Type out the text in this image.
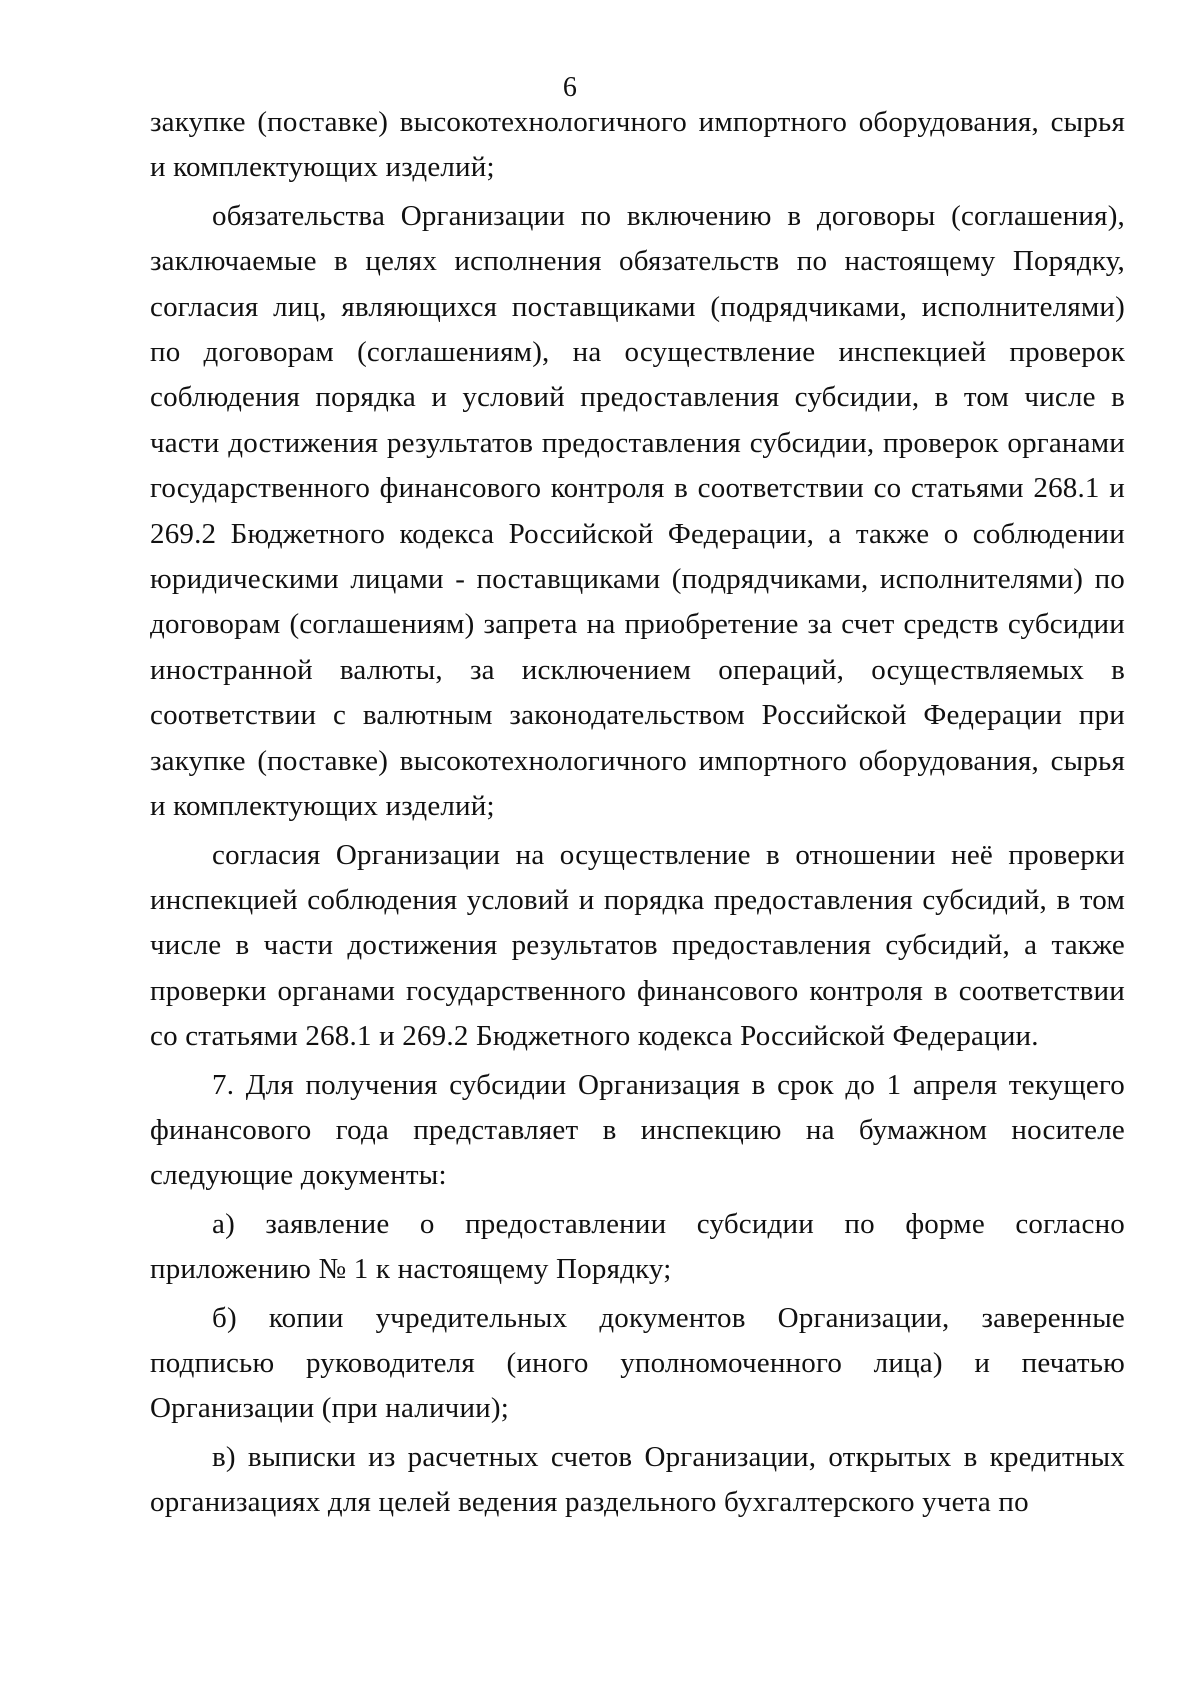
6

закупке (поставке) высокотехнологичного импортного оборудования, сырья и комплектующих изделий;

обязательства Организации по включению в договоры (соглашения), заключаемые в целях исполнения обязательств по настоящему Порядку, согласия лиц, являющихся поставщиками (подрядчиками, исполнителями) по договорам (соглашениям), на осуществление инспекцией проверок соблюдения порядка и условий предоставления субсидии, в том числе в части достижения результатов предоставления субсидии, проверок органами государственного финансового контроля в соответствии со статьями 268.1 и 269.2 Бюджетного кодекса Российской Федерации, а также о соблюдении юридическими лицами - поставщиками (подрядчиками, исполнителями) по договорам (соглашениям) запрета на приобретение за счет средств субсидии иностранной валюты, за исключением операций, осуществляемых в соответствии с валютным законодательством Российской Федерации при закупке (поставке) высокотехнологичного импортного оборудования, сырья и комплектующих изделий;

согласия Организации на осуществление в отношении неё проверки инспекцией соблюдения условий и порядка предоставления субсидий, в том числе в части достижения результатов предоставления субсидий, а также проверки органами государственного финансового контроля в соответствии со статьями 268.1 и 269.2 Бюджетного кодекса Российской Федерации.

7. Для получения субсидии Организация в срок до 1 апреля текущего финансового года представляет в инспекцию на бумажном носителе следующие документы:

а) заявление о предоставлении субсидии по форме согласно приложению № 1 к настоящему Порядку;

б) копии учредительных документов Организации, заверенные подписью руководителя (иного уполномоченного лица) и печатью Организации (при наличии);

в) выписки из расчетных счетов Организации, открытых в кредитных организациях для целей ведения раздельного бухгалтерского учета по
